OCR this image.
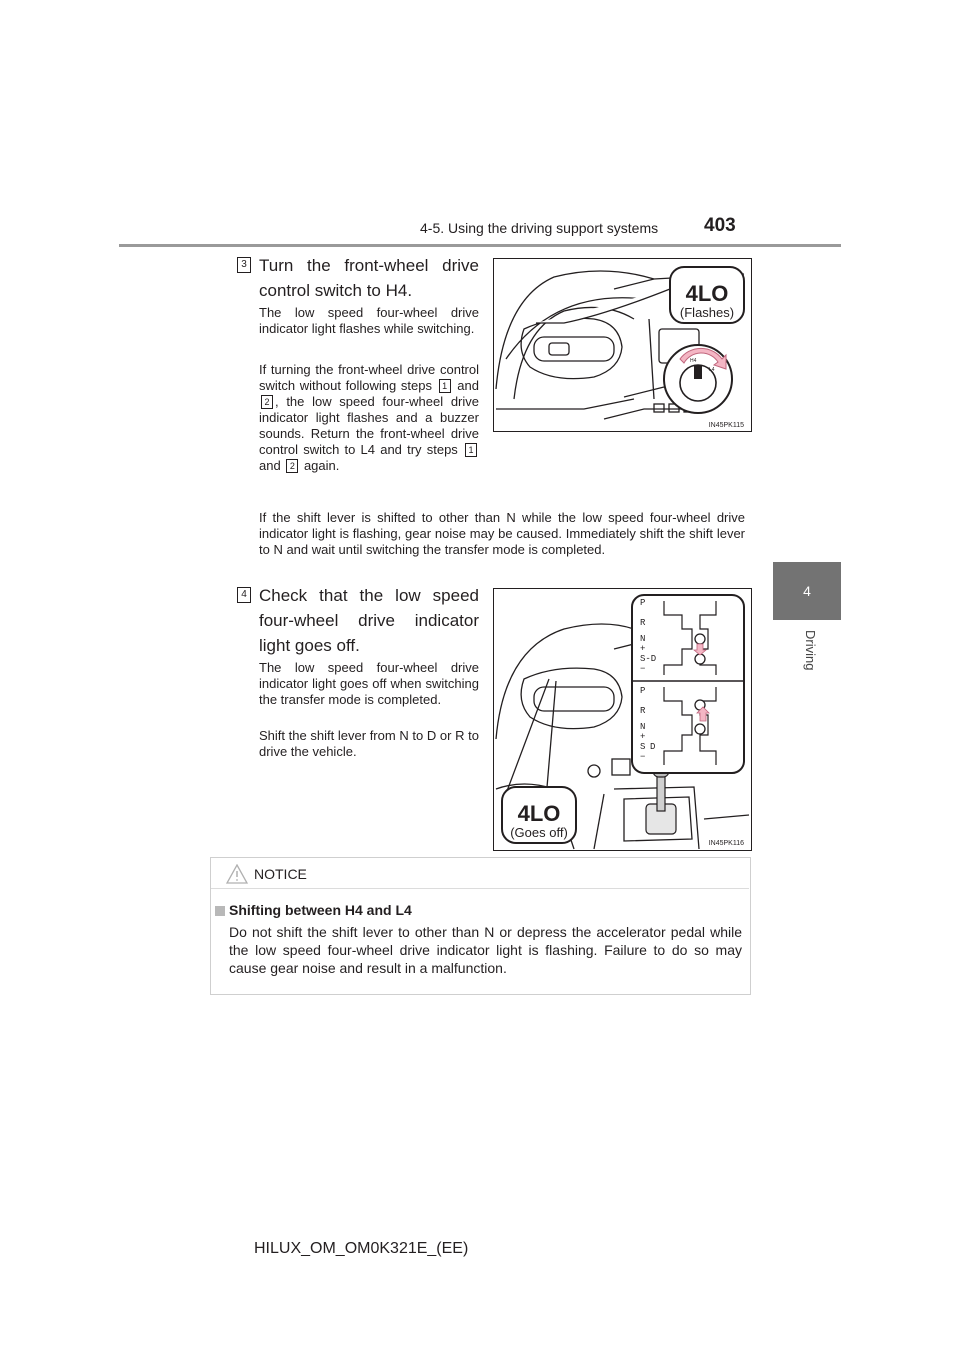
4-5. Using the driving support systems 403
4
Driving
3 Turn the front-wheel drive control switch to H4.
The low speed four-wheel drive indicator light flashes while switching.
If turning the front-wheel drive control switch without following steps 1 and 2 , the low speed four-wheel drive indicator light flashes and a buzzer sounds. Return the front-wheel drive control switch to L4 and try steps 1 and 2 again.
If the shift lever is shifted to other than N while the low speed four-wheel drive indicator light is flashing, gear noise may be caused. Immediately shift the shift lever to N and wait until switching the transfer mode is completed.
4LO
(Flashes)
H4
L4
IN45PK115
4 Check that the low speed four-wheel drive indicator light goes off.
The low speed four-wheel drive indicator light goes off when switching the transfer mode is completed.
Shift the shift lever from N to D or R to drive the vehicle.
4LO
(Goes off)
P
R
N
+
S-D
−
P
R
N
+
S D
−
IN45PK116
NOTICE
Shifting between H4 and L4
Do not shift the shift lever to other than N or depress the accelerator pedal while the low speed four-wheel drive indicator light is flashing. Failure to do so may cause gear noise and result in a malfunction.
HILUX_OM_OM0K321E_(EE)
